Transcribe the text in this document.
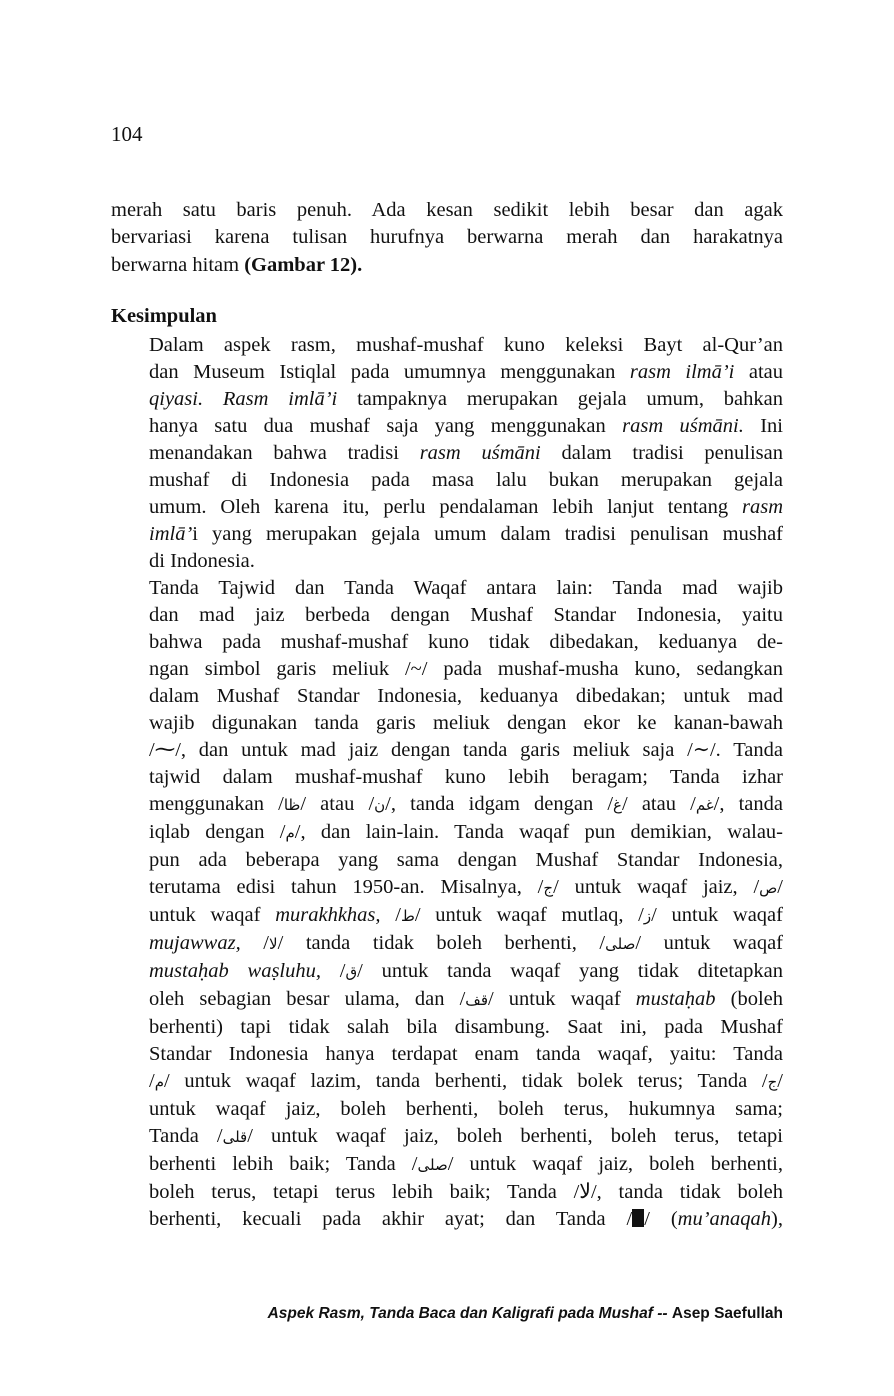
104
merah satu baris penuh. Ada kesan sedikit lebih besar dan agak
bervariasi karena tulisan hurufnya berwarna merah dan harakatnya
berwarna hitam (Gambar 12).
Kesimpulan

Dalam aspek rasm, mushaf-mushaf kuno keleksi Bayt al-Qur’an
dan Museum Istiqlal pada umumnya menggunakan rasm ilmā’i atau
qiyasi. Rasm imlā’i tampaknya merupakan gejala umum, bahkan
hanya satu dua mushaf saja yang menggunakan rasm uśmāni. Ini
menandakan bahwa tradisi rasm uśmāni dalam tradisi penulisan
mushaf di Indonesia pada masa lalu bukan merupakan gejala
umum. Oleh karena itu, perlu pendalaman lebih lanjut tentang rasm
imlā’i yang merupakan gejala umum dalam tradisi penulisan mushaf
di Indonesia.

Tanda Tajwid dan Tanda Waqaf antara lain: Tanda mad wajib
dan mad jaiz berbeda dengan Mushaf Standar Indonesia, yaitu
bahwa pada mushaf-mushaf kuno tidak dibedakan, keduanya de-
ngan simbol garis meliuk /~/ pada mushaf-musha kuno, sedangkan
dalam Mushaf Standar Indonesia, keduanya dibedakan; untuk mad
wajib digunakan tanda garis meliuk dengan ekor ke kanan-bawah
/⁓/, dan untuk mad jaiz dengan tanda garis meliuk saja /∼/. Tanda
tajwid dalam mushaf-mushaf kuno lebih beragam; Tanda izhar
menggunakan /ظا/ atau /ن/, tanda idgam dengan /غ/ atau /غم/, tanda
iqlab dengan /م/, dan lain-lain. Tanda waqaf pun demikian, walau-
pun ada beberapa yang sama dengan Mushaf Standar Indonesia,
terutama edisi tahun 1950-an. Misalnya, /ج/ untuk waqaf jaiz, /ص/
untuk waqaf murakhkhas, /ط/ untuk waqaf mutlaq, /ز/ untuk waqaf
mujawwaz, /لا/ tanda tidak boleh berhenti, /صلى/ untuk waqaf
mustaḥab waṣluhu, /ق/ untuk tanda waqaf yang tidak ditetapkan
oleh sebagian besar ulama, dan /قف/ untuk waqaf mustaḥab (boleh
berhenti) tapi tidak salah bila disambung. Saat ini, pada Mushaf
Standar Indonesia hanya terdapat enam tanda waqaf, yaitu: Tanda
/م/ untuk waqaf lazim, tanda berhenti, tidak bolek terus; Tanda /ج/
untuk waqaf jaiz, boleh berhenti, boleh terus, hukumnya sama;
Tanda /قلى/ untuk waqaf jaiz, boleh berhenti, boleh terus, tetapi
berhenti lebih baik; Tanda /صلى/ untuk waqaf jaiz, boleh berhenti,
boleh terus, tetapi terus lebih baik; Tanda /لا/, tanda tidak boleh
berhenti, kecuali pada akhir ayat; dan Tanda / / (mu’anaqah),

Aspek Rasm, Tanda Baca dan Kaligrafi pada Mushaf -- Asep Saefullah
